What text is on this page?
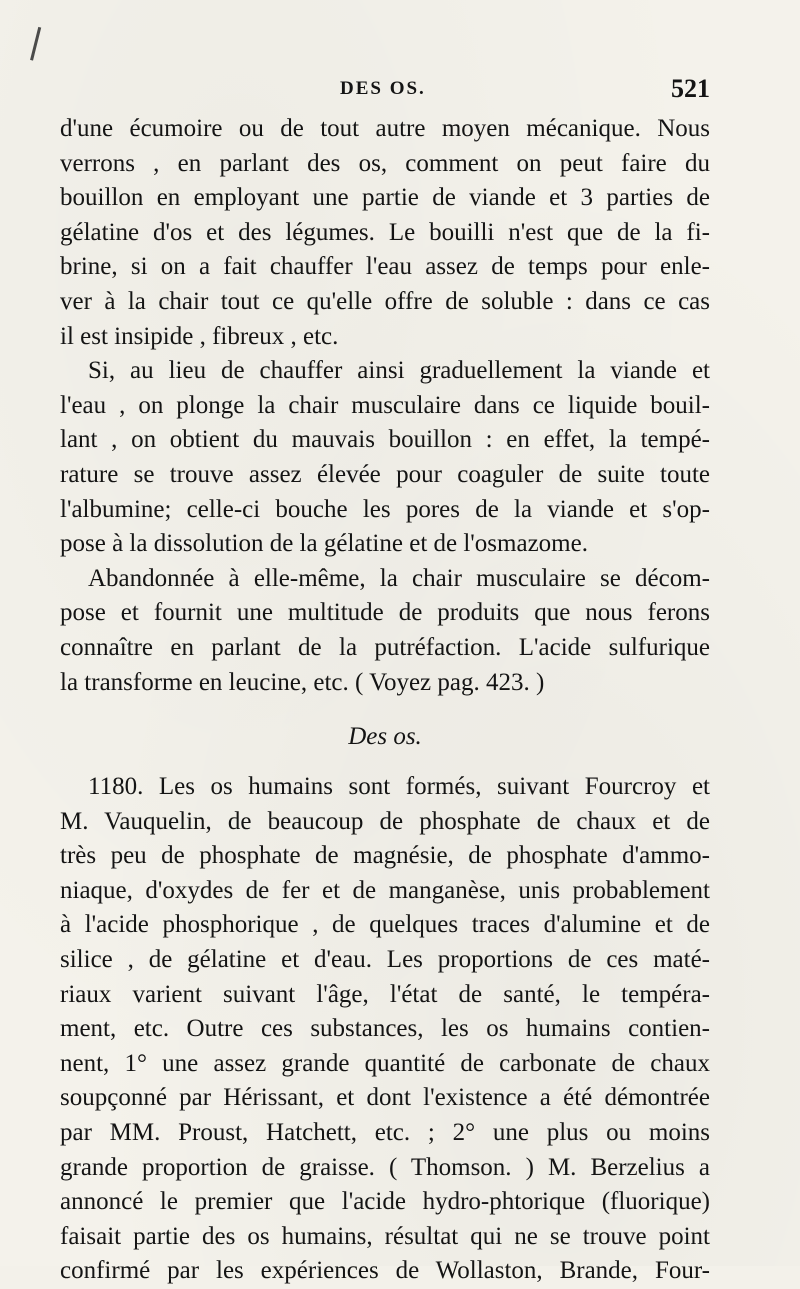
DES OS.	521
d'une écumoire ou de tout autre moyen mécanique. Nous
verrons , en parlant des os, comment on peut faire du
bouillon en employant une partie de viande et 3 parties de
gélatine d'os et des légumes. Le bouilli n'est que de la fi-
brine, si on a fait chauffer l'eau assez de temps pour enle-
ver à la chair tout ce qu'elle offre de soluble : dans ce cas
il est insipide , fibreux , etc.
Si, au lieu de chauffer ainsi graduellement la viande et
l'eau , on plonge la chair musculaire dans ce liquide bouil-
lant , on obtient du mauvais bouillon : en effet, la tempé-
rature se trouve assez élevée pour coaguler de suite toute
l'albumine; celle-ci bouche les pores de la viande et s'op-
pose à la dissolution de la gélatine et de l'osmazome.
Abandonnée à elle-même, la chair musculaire se décom-
pose et fournit une multitude de produits que nous ferons
connaître en parlant de la putréfaction. L'acide sulfurique
la transforme en leucine, etc. ( Voyez pag. 423. )
Des os.
1180. Les os humains sont formés, suivant Fourcroy et
M. Vauquelin, de beaucoup de phosphate de chaux et de
très peu de phosphate de magnésie, de phosphate d'ammo-
niaque, d'oxydes de fer et de manganèse, unis probablement
à l'acide phosphorique , de quelques traces d'alumine et de
silice , de gélatine et d'eau. Les proportions de ces maté-
riaux varient suivant l'âge, l'état de santé, le tempéra-
ment, etc. Outre ces substances, les os humains contien-
nent, 1° une assez grande quantité de carbonate de chaux
soupçonné par Hérissant, et dont l'existence a été démontrée
par MM. Proust, Hatchett, etc. ; 2° une plus ou moins
grande proportion de graisse. ( Thomson. ) M. Berzelius a
annoncé le premier que l'acide hydro-phtorique (fluorique)
faisait partie des os humains, résultat qui ne se trouve point
confirmé par les expériences de Wollaston, Brande, Four-
